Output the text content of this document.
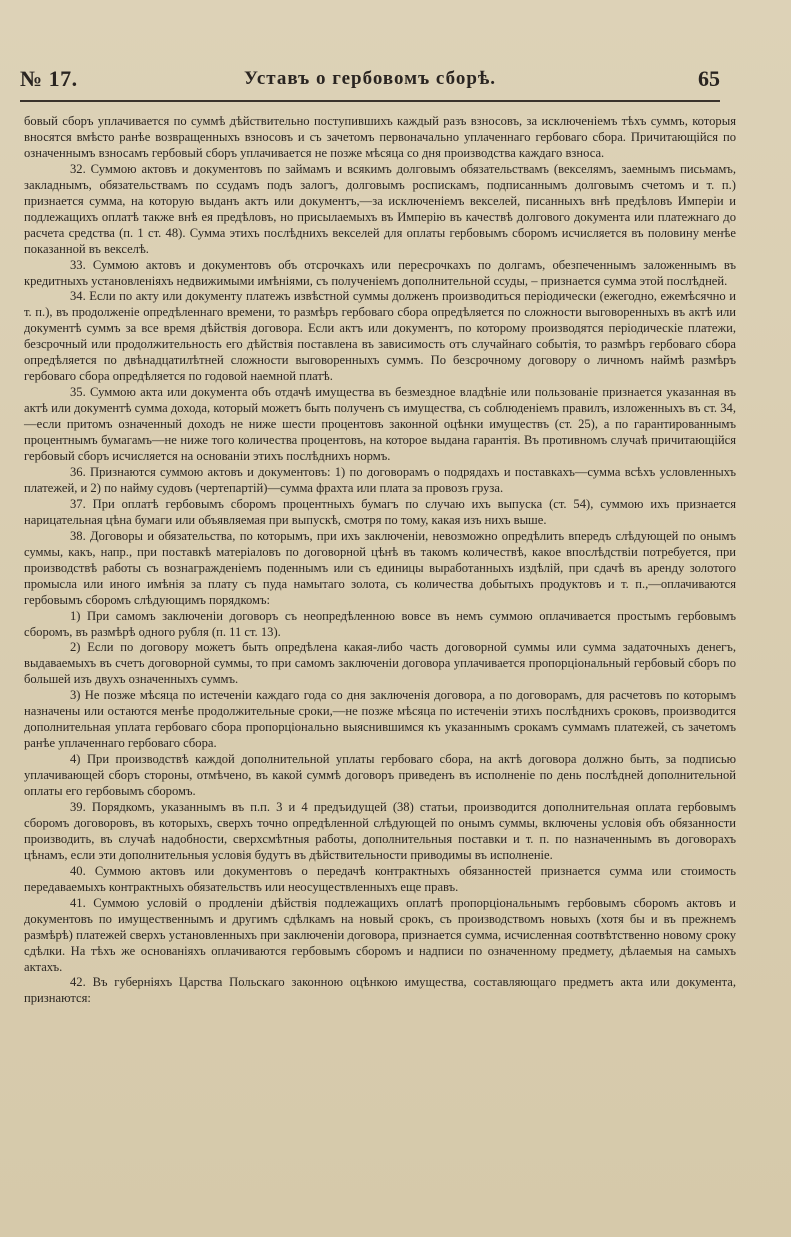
№ 17.	Уставъ о гербовомъ сборѣ.	65

бовый сборъ уплачивается по суммѣ дѣйствительно поступившихъ каждый разъ взносовъ, за исключеніемъ тѣхъ суммъ, которыя вносятся вмѣсто ранѣе возвращенныхъ взносовъ и съ зачетомъ первоначально уплаченнаго гербоваго сбора. Причитающійся по означеннымъ взносамъ гербовый сборъ уплачивается не позже мѣсяца со дня производства каждаго взноса.

32. Суммою актовъ и документовъ по займамъ и всякимъ долговымъ обязательствамъ (векселямъ, заемнымъ письмамъ, закладнымъ, обязательствамъ по ссудамъ подъ залогъ, долговымъ роспискамъ, подписаннымъ долговымъ счетомъ и т. п.) признается сумма, на которую выданъ актъ или документъ,—за исключеніемъ векселей, писанныхъ внѣ предѣловъ Имперіи и подлежащихъ оплатѣ также внѣ ея предѣловъ, но присылаемыхъ въ Имперію въ качествѣ долгового документа или платежнаго до расчета средства (п. 1 ст. 48). Сумма этихъ послѣднихъ векселей для оплаты гербовымъ сборомъ исчисляется въ половину менѣе показанной въ векселѣ.

33. Суммою актовъ и документовъ объ отсрочкахъ или пересрочкахъ по долгамъ, обезпеченнымъ заложеннымъ въ кредитныхъ установленіяхъ недвижимыми имѣніями, съ полученіемъ дополнительной ссуды, – признается сумма этой послѣдней.

34. Если по акту или документу платежъ извѣстной суммы долженъ производиться періодически (ежегодно, ежемѣсячно и т. п.), въ продолженіе опредѣленнаго времени, то размѣръ гербоваго сбора опредѣляется по сложности выговоренныхъ въ актѣ или документѣ суммъ за все время дѣйствія договора. Если актъ или документъ, по которому производятся періодическіе платежи, безсрочный или продолжительность его дѣйствія поставлена въ зависимость отъ случайнаго событія, то размѣръ гербоваго сбора опредѣляется по двѣнадцатилѣтней сложности выговоренныхъ суммъ. По безсрочному договору о личномъ наймѣ размѣръ гербоваго сбора опредѣляется по годовой наемной платѣ.

35. Суммою акта или документа объ отдачѣ имущества въ безмездное владѣніе или пользованіе признается указанная въ актѣ или документѣ сумма дохода, который можетъ быть полученъ съ имущества, съ соблюденіемъ правилъ, изложенныхъ въ ст. 34,—если притомъ означенный доходъ не ниже шести процентовъ законной оцѣнки имуществъ (ст. 25), а по гарантированнымъ процентнымъ бумагамъ—не ниже того количества процентовъ, на которое выдана гарантія. Въ противномъ случаѣ причитающійся гербовый сборъ исчисляется на основаніи этихъ послѣднихъ нормъ.

36. Признаются суммою актовъ и документовъ: 1) по договорамъ о подрядахъ и поставкахъ—сумма всѣхъ условленныхъ платежей, и 2) по найму судовъ (чертепартій)—сумма фрахта или плата за провозъ груза.

37. При оплатѣ гербовымъ сборомъ процентныхъ бумагъ по случаю ихъ выпуска (ст. 54), суммою ихъ признается нарицательная цѣна бумаги или объявляемая при выпускѣ, смотря по тому, какая изъ нихъ выше.

38. Договоры и обязательства, по которымъ, при ихъ заключеніи, невозможно опредѣлить впередъ слѣдующей по онымъ суммы, какъ, напр., при поставкѣ матеріаловъ по договорной цѣнѣ въ такомъ количествѣ, какое впослѣдствіи потребуется, при производствѣ работы съ вознагражденіемъ поденнымъ или съ единицы выработанныхъ издѣлій, при сдачѣ въ аренду золотого промысла или иного имѣнія за плату съ пуда намытаго золота, съ количества добытыхъ продуктовъ и т. п.,—оплачиваются гербовымъ сборомъ слѣдующимъ порядкомъ:

1) При самомъ заключеніи договоръ съ неопредѣленною вовсе въ немъ суммою оплачивается простымъ гербовымъ сборомъ, въ размѣрѣ одного рубля (п. 11 ст. 13).

2) Если по договору можетъ быть опредѣлена какая-либо часть договорной суммы или сумма задаточныхъ денегъ, выдаваемыхъ въ счетъ договорной суммы, то при самомъ заключеніи договора уплачивается пропорціональный гербовый сборъ по большей изъ двухъ означенныхъ суммъ.

3) Не позже мѣсяца по истеченіи каждаго года со дня заключенія договора, а по договорамъ, для расчетовъ по которымъ назначены или остаются менѣе продолжительные сроки,—не позже мѣсяца по истеченіи этихъ послѣднихъ сроковъ, производится дополнительная уплата гербоваго сбора пропорціонально выяснившимся къ указаннымъ срокамъ суммамъ платежей, съ зачетомъ ранѣе уплаченнаго гербоваго сбора.

4) При производствѣ каждой дополнительной уплаты гербоваго сбора, на актѣ договора должно быть, за подписью уплачивающей сборъ стороны, отмѣчено, въ какой суммѣ договоръ приведенъ въ исполненіе по день послѣдней дополнительной оплаты его гербовымъ сборомъ.

39. Порядкомъ, указаннымъ въ п.п. 3 и 4 предъидущей (38) статьи, производится дополнительная оплата гербовымъ сборомъ договоровъ, въ которыхъ, сверхъ точно опредѣленной слѣдующей по онымъ суммы, включены условія объ обязанности производить, въ случаѣ надобности, сверхсмѣтныя работы, дополнительныя поставки и т. п. по назначеннымъ въ договорахъ цѣнамъ, если эти дополнительныя условія будутъ въ дѣйствительности приводимы въ исполненіе.

40. Суммою актовъ или документовъ о передачѣ контрактныхъ обязанностей признается сумма или стоимость передаваемыхъ контрактныхъ обязательствъ или неосуществленныхъ еще правъ.

41. Суммою условій о продленіи дѣйствія подлежащихъ оплатѣ пропорціональнымъ гербовымъ сборомъ актовъ и документовъ по имущественнымъ и другимъ сдѣлкамъ на новый срокъ, съ производствомъ новыхъ (хотя бы и въ прежнемъ размѣрѣ) платежей сверхъ установленныхъ при заключеніи договора, признается сумма, исчисленная соотвѣтственно новому сроку сдѣлки. На тѣхъ же основаніяхъ оплачиваются гербовымъ сборомъ и надписи по означенному предмету, дѣлаемыя на самыхъ актахъ.

42. Въ губерніяхъ Царства Польскаго законною оцѣнкою имущества, составляющаго предметъ акта или документа, признаются:
